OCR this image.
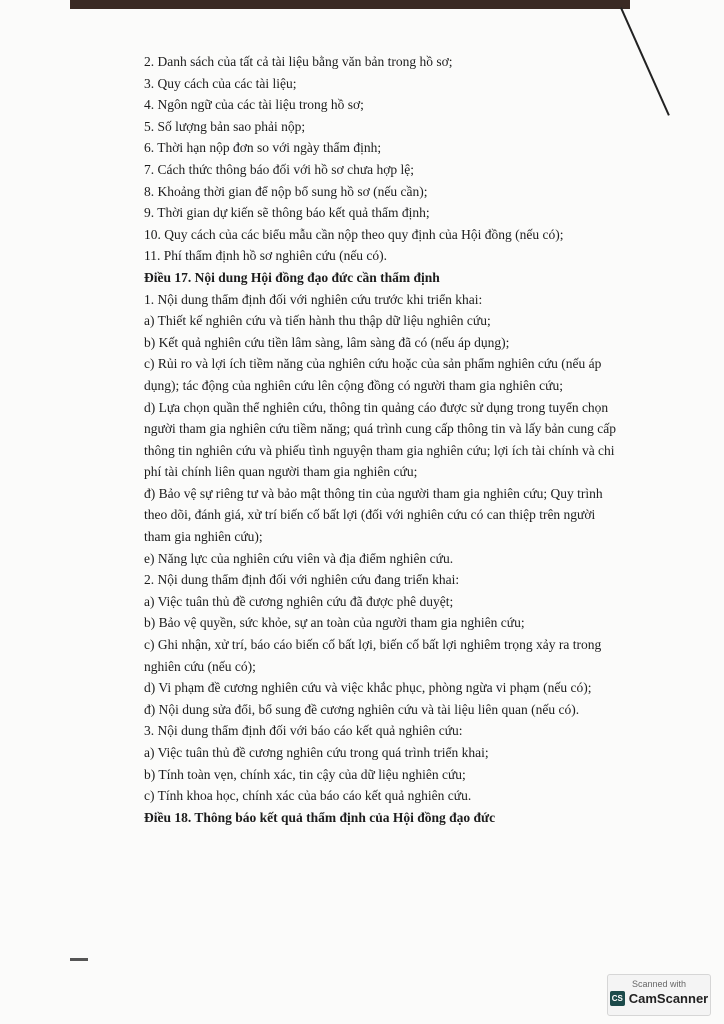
2. Danh sách của tất cả tài liệu bằng văn bản trong hồ sơ;
3. Quy cách của các tài liệu;
4. Ngôn ngữ của các tài liệu trong hồ sơ;
5. Số lượng bản sao phải nộp;
6. Thời hạn nộp đơn so với ngày thẩm định;
7. Cách thức thông báo đối với hồ sơ chưa hợp lệ;
8. Khoảng thời gian để nộp bổ sung hồ sơ (nếu cần);
9. Thời gian dự kiến sẽ thông báo kết quả thẩm định;
10. Quy cách của các biểu mẫu cần nộp theo quy định của Hội đồng (nếu có);
11. Phí thẩm định hồ sơ nghiên cứu (nếu có).
Điều 17. Nội dung Hội đồng đạo đức cần thẩm định
1. Nội dung thẩm định đối với nghiên cứu trước khi triển khai:
a) Thiết kế nghiên cứu và tiến hành thu thập dữ liệu nghiên cứu;
b) Kết quả nghiên cứu tiền lâm sàng, lâm sàng đã có (nếu áp dụng);
c) Rủi ro và lợi ích tiềm năng của nghiên cứu hoặc của sản phẩm nghiên cứu (nếu áp
dụng); tác động của nghiên cứu lên cộng đồng có người tham gia nghiên cứu;
d) Lựa chọn quần thể nghiên cứu, thông tin quảng cáo được sử dụng trong tuyển chọn
người tham gia nghiên cứu tiềm năng; quá trình cung cấp thông tin và lấy bản cung cấp
thông tin nghiên cứu và phiếu tình nguyện tham gia nghiên cứu; lợi ích tài chính và chi
phí tài chính liên quan người tham gia nghiên cứu;
đ) Bảo vệ sự riêng tư và bảo mật thông tin của người tham gia nghiên cứu; Quy trình
theo dõi, đánh giá, xử trí biến cố bất lợi (đối với nghiên cứu có can thiệp trên người
tham gia nghiên cứu);
e) Năng lực của nghiên cứu viên và địa điểm nghiên cứu.
2. Nội dung thẩm định đối với nghiên cứu đang triển khai:
a) Việc tuân thủ đề cương nghiên cứu đã được phê duyệt;
b) Bảo vệ quyền, sức khỏe, sự an toàn của người tham gia nghiên cứu;
c) Ghi nhận, xử trí, báo cáo biến cố bất lợi, biến cố bất lợi nghiêm trọng xảy ra trong
nghiên cứu (nếu có);
d) Vi phạm đề cương nghiên cứu và việc khắc phục, phòng ngừa vi phạm (nếu có);
đ) Nội dung sửa đổi, bổ sung đề cương nghiên cứu và tài liệu liên quan (nếu có).
3. Nội dung thẩm định đối với báo cáo kết quả nghiên cứu:
a) Việc tuân thủ đề cương nghiên cứu trong quá trình triển khai;
b) Tính toàn vẹn, chính xác, tin cậy của dữ liệu nghiên cứu;
c) Tính khoa học, chính xác của báo cáo kết quả nghiên cứu.
Điều 18. Thông báo kết quả thẩm định của Hội đồng đạo đức
Scanned with
CS CamScanner
